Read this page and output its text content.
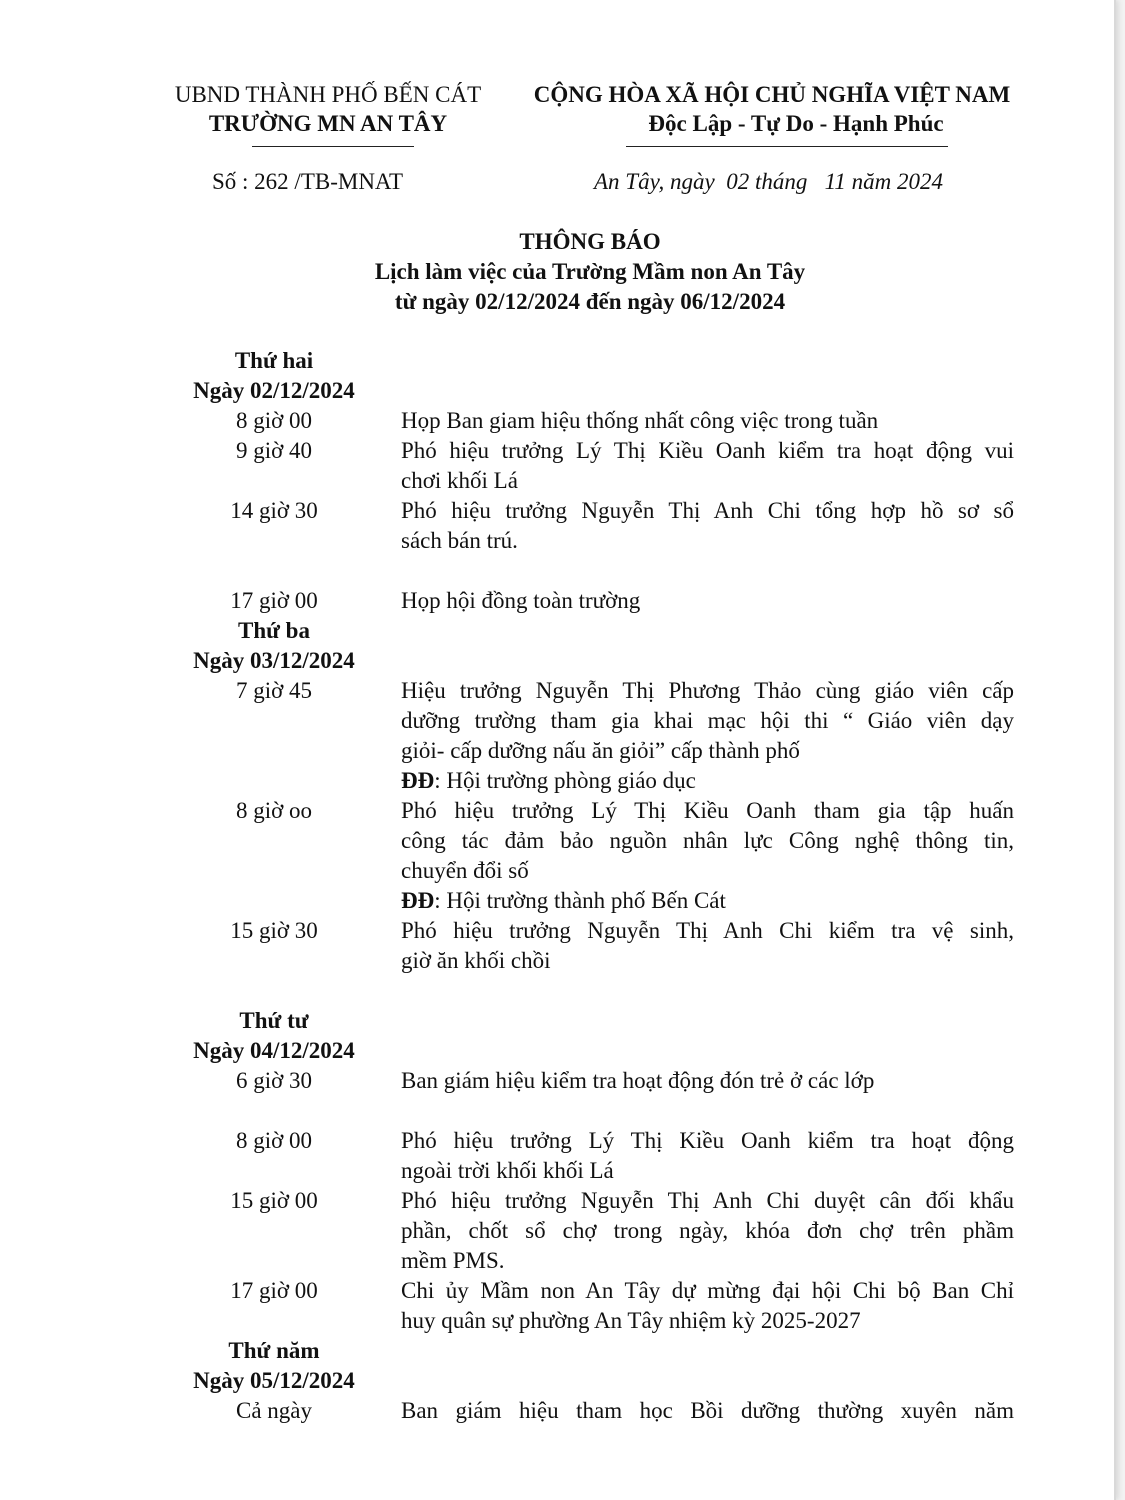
UBND THÀNH PHỐ BẾN CÁT
TRƯỜNG MN AN TÂY
CỘNG HÒA XÃ HỘI CHỦ NGHĨA VIỆT NAM
Độc Lập - Tự Do - Hạnh Phúc
Số : 262 /TB-MNAT	An Tây, ngày  02 tháng   11 năm 2024
THÔNG BÁO
Lịch làm việc của Trường Mầm non An Tây
từ ngày 02/12/2024 đến ngày 06/12/2024
Thứ hai
Ngày 02/12/2024
8 giờ 00	Họp Ban giam hiệu thống nhất công việc trong tuần
9 giờ 40	Phó hiệu trưởng Lý Thị Kiều Oanh kiểm tra hoạt động vui
chơi khối Lá
14 giờ 30	Phó hiệu trưởng Nguyễn Thị Anh Chi tổng hợp hồ sơ sổ
sách bán trú.
17 giờ 00	Họp hội đồng toàn trường
Thứ ba
Ngày 03/12/2024
7 giờ 45	Hiệu trưởng Nguyễn Thị Phương Thảo cùng giáo viên cấp
dưỡng trường tham gia khai mạc hội thi “ Giáo viên dạy
giỏi- cấp dưỡng nấu ăn giỏi” cấp thành phố
ĐĐ: Hội trường phòng giáo dục
8 giờ oo	Phó hiệu trưởng Lý Thị Kiều Oanh tham gia tập huấn
công tác đảm bảo nguồn nhân lực Công nghệ thông tin,
chuyển đổi số
ĐĐ: Hội trường thành phố Bến Cát
15 giờ 30	Phó hiệu trưởng Nguyễn Thị Anh Chi kiểm tra vệ sinh,
giờ ăn khối chồi
Thứ tư
Ngày 04/12/2024
6 giờ 30	Ban giám hiệu kiểm tra hoạt động đón trẻ ở các lớp
8 giờ 00	Phó hiệu trưởng Lý Thị Kiều Oanh kiểm tra hoạt động
ngoài trời khối khối Lá
15 giờ 00	Phó hiệu trưởng Nguyễn Thị Anh Chi duyệt cân đối khẩu
phần, chốt sổ chợ trong ngày, khóa đơn chợ trên phầm
mềm PMS.
17 giờ 00	Chi ủy Mầm non An Tây dự mừng đại hội Chi bộ Ban Chỉ
huy quân sự phường An Tây nhiệm kỳ 2025-2027
Thứ năm
Ngày 05/12/2024
Cả ngày	Ban giám hiệu tham học Bồi dưỡng thường xuyên năm
